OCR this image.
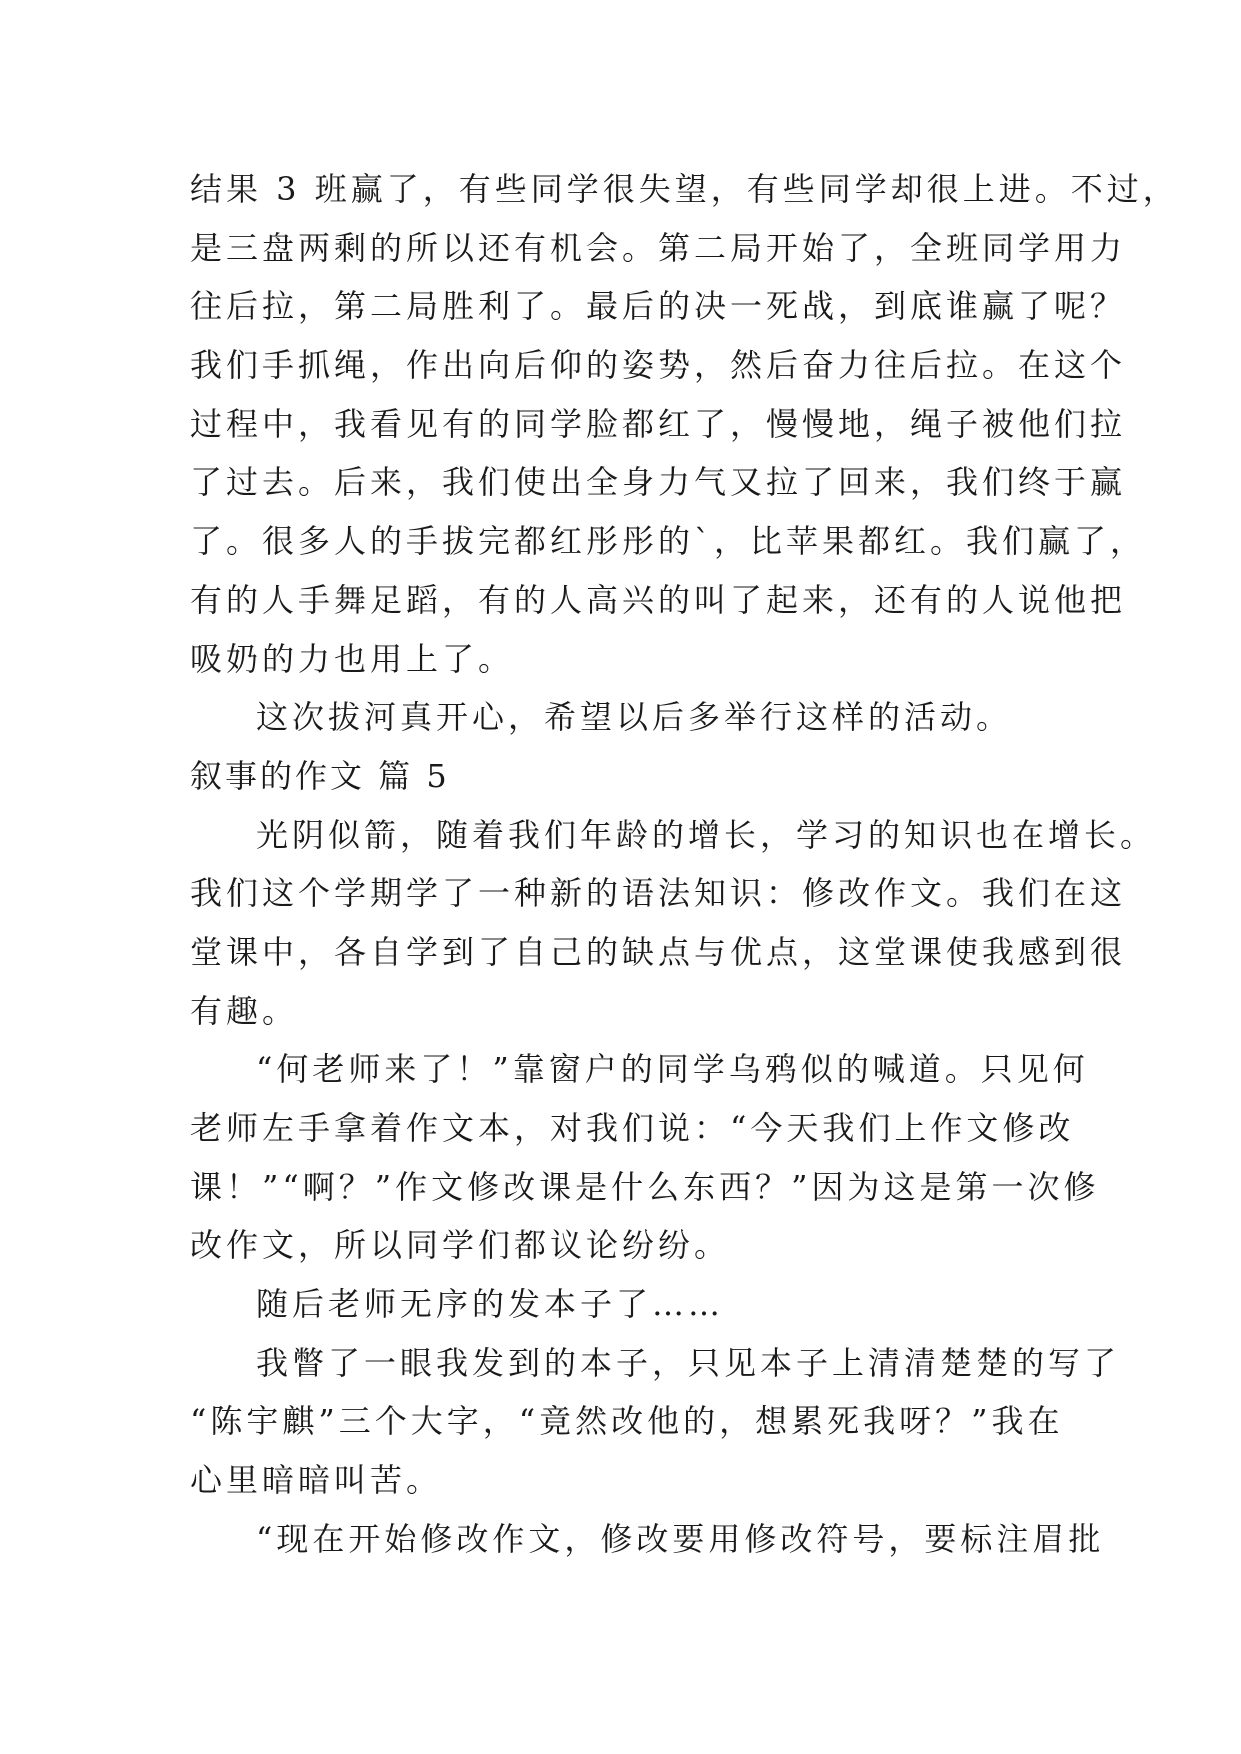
结果 3 班赢了，有些同学很失望，有些同学却很上进。不过，
是三盘两剩的所以还有机会。第二局开始了，全班同学用力
往后拉，第二局胜利了。最后的决一死战，到底谁赢了呢？
我们手抓绳，作出向后仰的姿势，然后奋力往后拉。在这个
过程中，我看见有的同学脸都红了，慢慢地，绳子被他们拉
了过去。后来，我们使出全身力气又拉了回来，我们终于赢
了。很多人的手拔完都红彤彤的`，比苹果都红。我们赢了，
有的人手舞足蹈，有的人高兴的叫了起来，还有的人说他把
吸奶的力也用上了。
这次拔河真开心，希望以后多举行这样的活动。
叙事的作文 篇 5
光阴似箭，随着我们年龄的增长，学习的知识也在增长。
我们这个学期学了一种新的语法知识：修改作文。我们在这
堂课中，各自学到了自己的缺点与优点，这堂课使我感到很
有趣。
“何老师来了！”靠窗户的同学乌鸦似的喊道。只见何
老师左手拿着作文本，对我们说：“今天我们上作文修改
课！”“啊？”作文修改课是什么东西？”因为这是第一次修
改作文，所以同学们都议论纷纷。
随后老师无序的发本子了……
我瞥了一眼我发到的本子，只见本子上清清楚楚的写了
“陈宇麒”三个大字，“竟然改他的，想累死我呀？”我在
心里暗暗叫苦。
“现在开始修改作文，修改要用修改符号，要标注眉批
